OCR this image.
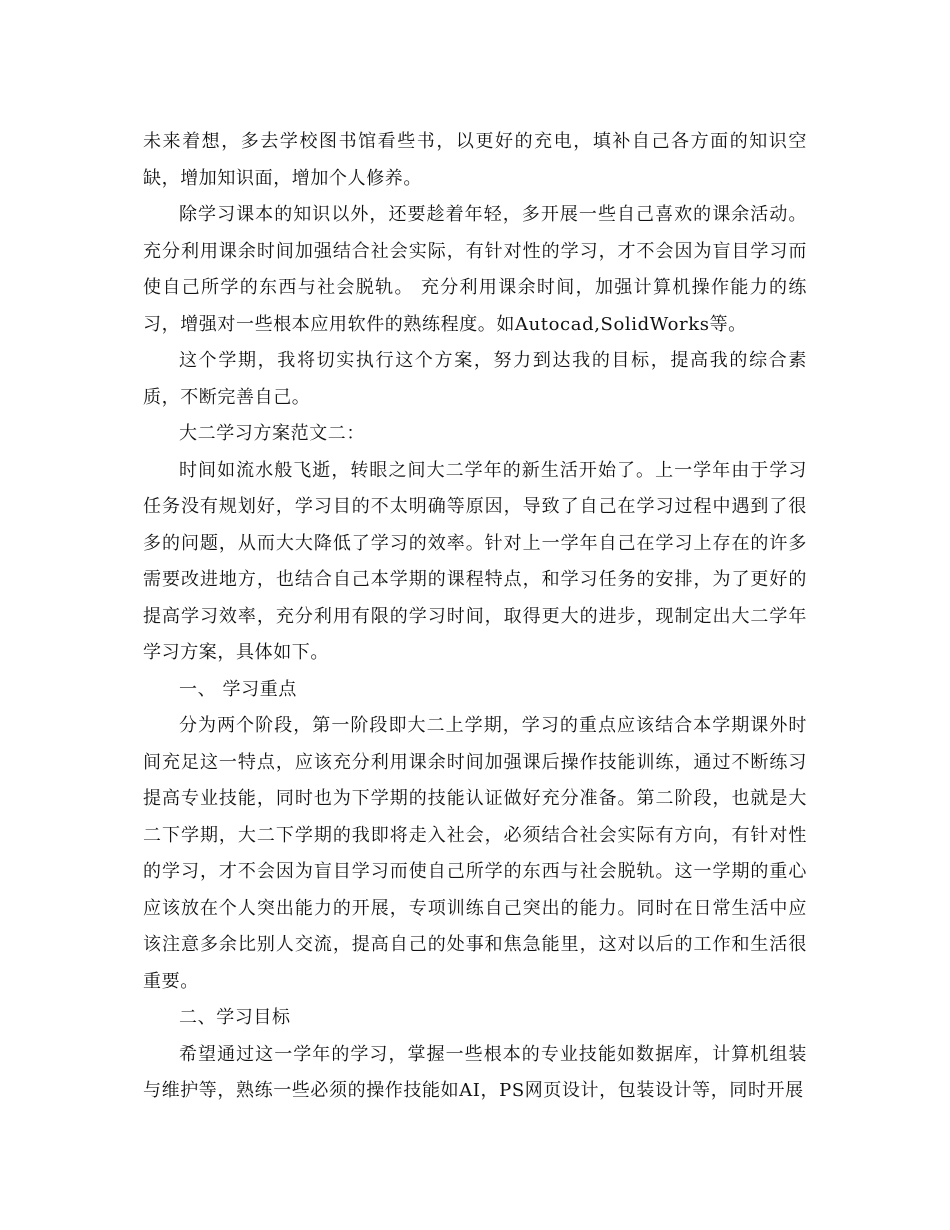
未来着想，多去学校图书馆看些书，以更好的充电，填补自己各方面的知识空缺，增加知识面，增加个人修养。

除学习课本的知识以外，还要趁着年轻，多开展一些自己喜欢的课余活动。充分利用课余时间加强结合社会实际，有针对性的学习，才不会因为盲目学习而使自己所学的东西与社会脱轨。 充分利用课余时间，加强计算机操作能力的练习，增强对一些根本应用软件的熟练程度。如Autocad,SolidWorks等。

这个学期，我将切实执行这个方案，努力到达我的目标，提高我的综合素质，不断完善自己。

大二学习方案范文二：

时间如流水般飞逝，转眼之间大二学年的新生活开始了。上一学年由于学习任务没有规划好，学习目的不太明确等原因，导致了自己在学习过程中遇到了很多的问题，从而大大降低了学习的效率。针对上一学年自己在学习上存在的许多需要改进地方，也结合自己本学期的课程特点，和学习任务的安排，为了更好的提高学习效率，充分利用有限的学习时间，取得更大的进步，现制定出大二学年学习方案，具体如下。

一、 学习重点

分为两个阶段，第一阶段即大二上学期，学习的重点应该结合本学期课外时间充足这一特点，应该充分利用课余时间加强课后操作技能训练，通过不断练习提高专业技能，同时也为下学期的技能认证做好充分准备。第二阶段，也就是大二下学期，大二下学期的我即将走入社会，必须结合社会实际有方向，有针对性的学习，才不会因为盲目学习而使自己所学的东西与社会脱轨。这一学期的重心应该放在个人突出能力的开展，专项训练自己突出的能力。同时在日常生活中应该注意多余比别人交流，提高自己的处事和焦急能里，这对以后的工作和生活很重要。

二、学习目标

希望通过这一学年的学习，掌握一些根本的专业技能如数据库，计算机组装与维护等，熟练一些必须的操作技能如AI，PS网页设计，包装设计等，同时开展
